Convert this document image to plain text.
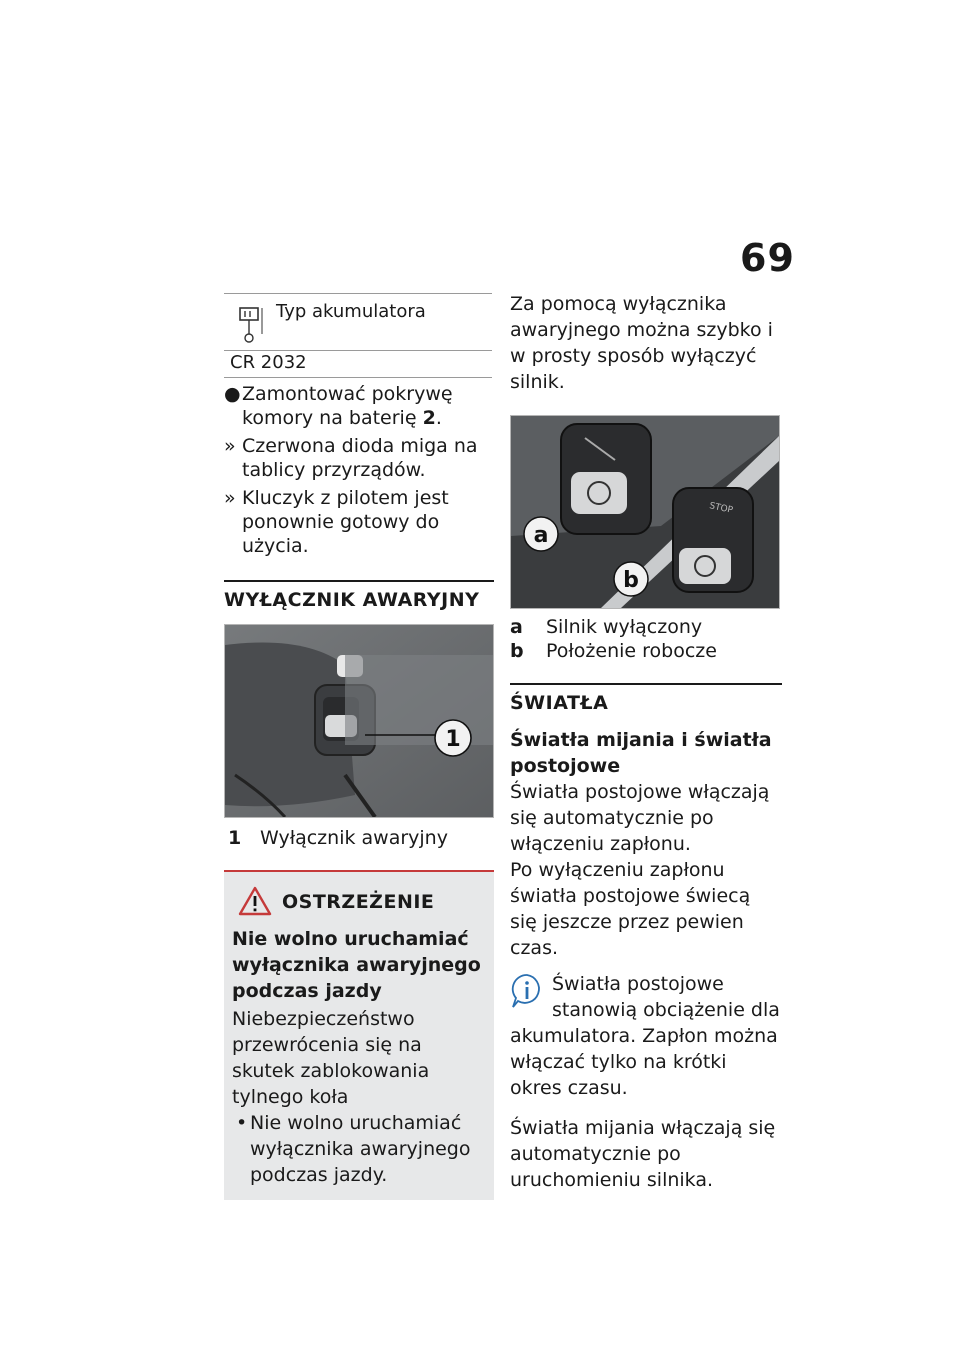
69
Typ akumulatora
CR 2032
● Zamontować pokrywę komory na baterię 2.
» Czerwona dioda miga na tablicy przyrządów.
» Kluczyk z pilotem jest ponownie gotowy do użycia.
WYŁĄCZNIK AWARYJNY
1
1 Wyłącznik awaryjny
OSTRZEŻENIE
Nie wolno uruchamiać wyłącznika awaryjnego podczas jazdy
Niebezpieczeństwo przewrócenia się na skutek zablokowania tylnego koła
• Nie wolno uruchamiać wyłącznika awaryjnego podczas jazdy.
Za pomocą wyłącznika awaryjnego można szybko i w prosty sposób wyłączyć silnik.
STOP
a
b
a Silnik wyłączony
b Położenie robocze
ŚWIATŁA
Światła mijania i światła postojowe
Światła postojowe włączają się automatycznie po włączeniu zapłonu.
Po wyłączeniu zapłonu światła postojowe świecą się jeszcze przez pewien czas.
Światła postojowe stanowią obciążenie dla akumulatora. Zapłon można włączać tylko na krótki okres czasu.
Światła mijania włączają się automatycznie po uruchomieniu silnika.
